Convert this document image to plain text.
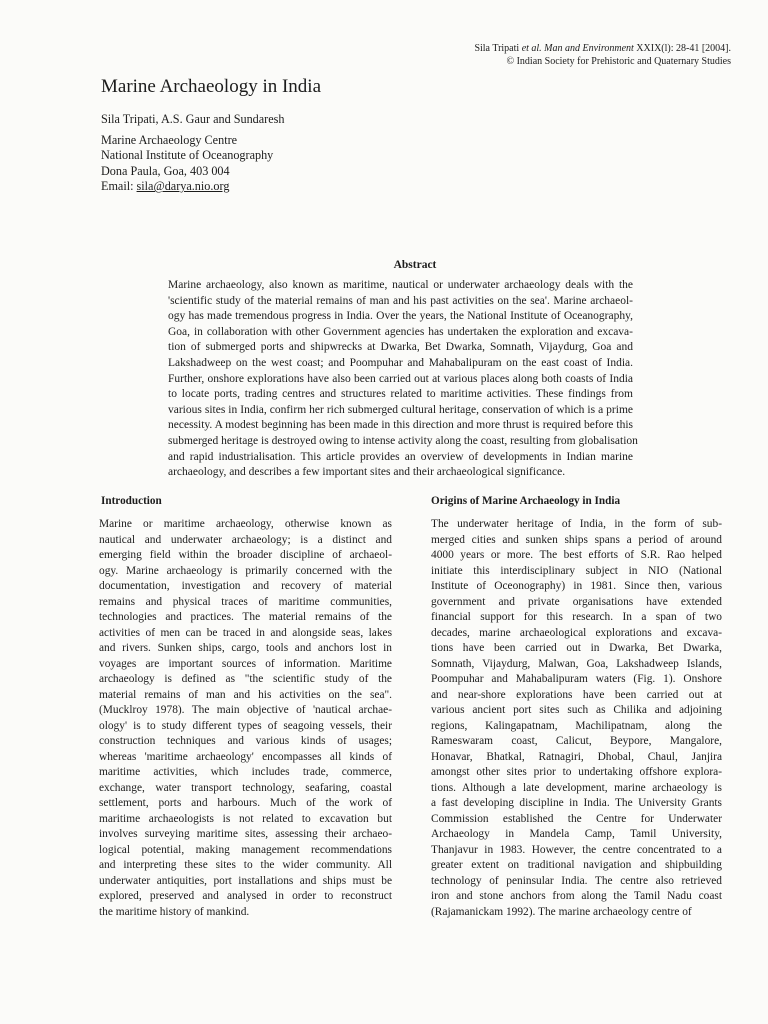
Sila Tripati et al. Man and Environment XXIX(l): 28-41 [2004].
© Indian Society for Prehistoric and Quaternary Studies
Marine Archaeology in India
Sila Tripati, A.S. Gaur and Sundaresh
Marine Archaeology Centre
National Institute of Oceanography
Dona Paula, Goa, 403 004
Email: sila@darya.nio.org
Abstract
Marine archaeology, also known as maritime, nautical or underwater archaeology deals with the
'scientific study of the material remains of man and his past activities on the sea'. Marine archaeol-
ogy has made tremendous progress in India. Over the years, the National Institute of Oceanography,
Goa, in collaboration with other Government agencies has undertaken the exploration and excava-
tion of submerged ports and shipwrecks at Dwarka, Bet Dwarka, Somnath, Vijaydurg, Goa and
Lakshadweep on the west coast; and Poompuhar and Mahabalipuram on the east coast of India.
Further, onshore explorations have also been carried out at various places along both coasts of India
to locate ports, trading centres and structures related to maritime activities. These findings from
various sites in India, confirm her rich submerged cultural heritage, conservation of which is a prime
necessity. A modest beginning has been made in this direction and more thrust is required before this
submerged heritage is destroyed owing to intense activity along the coast, resulting from globalisation
and rapid industrialisation. This article provides an overview of developments in Indian marine
archaeology, and describes a few important sites and their archaeological significance.
Introduction
Marine or maritime archaeology, otherwise known as
nautical and underwater archaeology; is a distinct and
emerging field within the broader discipline of archaeol-
ogy. Marine archaeology is primarily concerned with the
documentation, investigation and recovery of material
remains and physical traces of maritime communities,
technologies and practices. The material remains of the
activities of men can be traced in and alongside seas, lakes
and rivers. Sunken ships, cargo, tools and anchors lost in
voyages are important sources of information. Maritime
archaeology is defined as "the scientific study of the
material remains of man and his activities on the sea".
(Mucklroy 1978). The main objective of 'nautical archae-
ology' is to study different types of seagoing vessels, their
construction techniques and various kinds of usages;
whereas 'maritime archaeology' encompasses all kinds of
maritime activities, which includes trade, commerce,
exchange, water transport technology, seafaring, coastal
settlement, ports and harbours. Much of the work of
maritime archaeologists is not related to excavation but
involves surveying maritime sites, assessing their archaeo-
logical potential, making management recommendations
and interpreting these sites to the wider community. All
underwater antiquities, port installations and ships must be
explored, preserved and analysed in order to reconstruct
the maritime history of mankind.
Origins of Marine Archaeology in India
The underwater heritage of India, in the form of sub-
merged cities and sunken ships spans a period of around
4000 years or more. The best efforts of S.R. Rao helped
initiate this interdisciplinary subject in NIO (National
Institute of Oceonography) in 1981. Since then, various
government and private organisations have extended
financial support for this research. In a span of two
decades, marine archaeological explorations and excava-
tions have been carried out in Dwarka, Bet Dwarka,
Somnath, Vijaydurg, Malwan, Goa, Lakshadweep Islands,
Poompuhar and Mahabalipuram waters (Fig. 1). Onshore
and near-shore explorations have been carried out at
various ancient port sites such as Chilika and adjoining
regions, Kalingapatnam, Machilipatnam, along the
Rameswaram coast, Calicut, Beypore, Mangalore,
Honavar, Bhatkal, Ratnagiri, Dhobal, Chaul, Janjira
amongst other sites prior to undertaking offshore explora-
tions. Although a late development, marine archaeology is
a fast developing discipline in India. The University Grants
Commission established the Centre for Underwater
Archaeology in Mandela Camp, Tamil University,
Thanjavur in 1983. However, the centre concentrated to a
greater extent on traditional navigation and shipbuilding
technology of peninsular India. The centre also retrieved
iron and stone anchors from along the Tamil Nadu coast
(Rajamanickam 1992). The marine archaeology centre of
